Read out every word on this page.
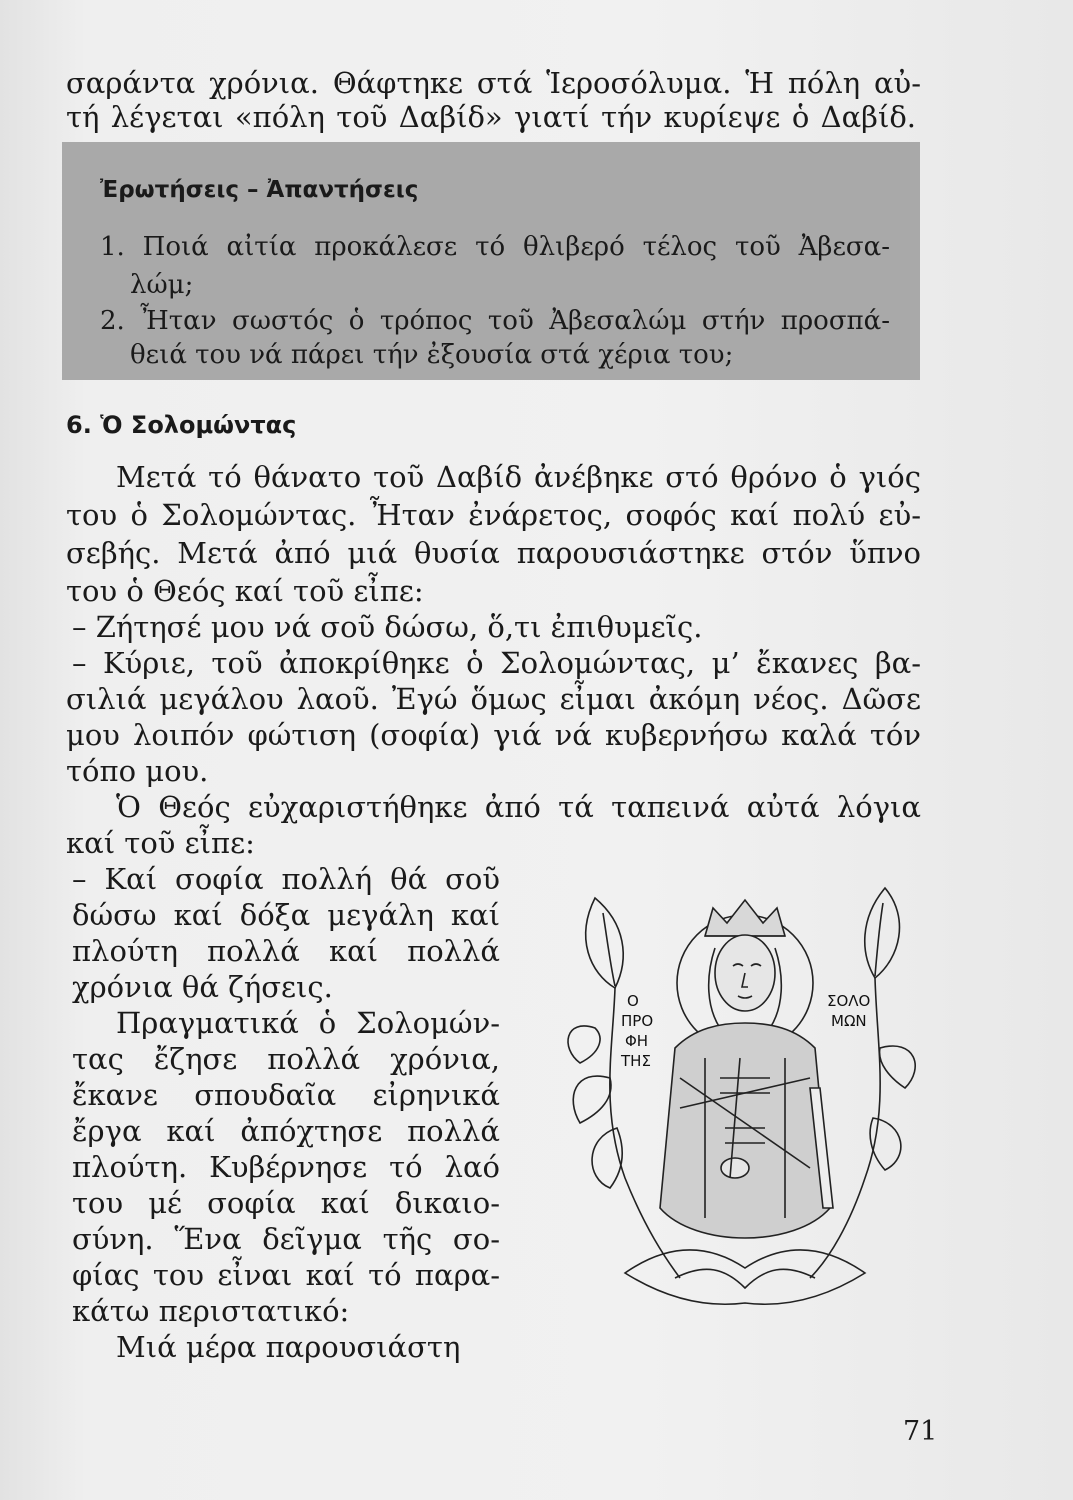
σαράντα χρόνια. Θάφτηκε στά Ἱεροσόλυμα. Ἡ πόλη αὐ-
τή λέγεται «πόλη τοῦ Δαβίδ» γιατί τήν κυρίεψε ὁ Δαβίδ.
Ἐρωτήσεις – Ἀπαντήσεις
1. Ποιά αἰτία προκάλεσε τό θλιβερό τέλος τοῦ Ἀβεσα-
λώμ;
2. Ἦταν σωστός ὁ τρόπος τοῦ Ἀβεσαλώμ στήν προσπά-
θειά του νά πάρει τήν ἐξουσία στά χέρια του;
6. Ὁ Σολομώντας
Μετά τό θάνατο τοῦ Δαβίδ ἀνέβηκε στό θρόνο ὁ γιός
του ὁ Σολομώντας. Ἦταν ἐνάρετος, σοφός καί πολύ εὐ-
σεβής. Μετά ἀπό μιά θυσία παρουσιάστηκε στόν ὕπνο
του ὁ Θεός καί τοῦ εἶπε:
– Ζήτησέ μου νά σοῦ δώσω, ὅ,τι ἐπιθυμεῖς.
– Κύριε, τοῦ ἀποκρίθηκε ὁ Σολομώντας, μ’ ἔκανες βα-
σιλιά μεγάλου λαοῦ. Ἐγώ ὅμως εἶμαι ἀκόμη νέος. Δῶσε
μου λοιπόν φώτιση (σοφία) γιά νά κυβερνήσω καλά τόν
τόπο μου.
Ὁ Θεός εὐχαριστήθηκε ἀπό τά ταπεινά αὐτά λόγια
καί τοῦ εἶπε:
– Καί σοφία πολλή θά σοῦ
δώσω καί δόξα μεγάλη καί
πλούτη πολλά καί πολλά
χρόνια θά ζήσεις.
Πραγματικά ὁ Σολομών-
τας ἔζησε πολλά χρόνια,
ἔκανε σπουδαῖα εἰρηνικά
ἔργα καί ἀπόχτησε πολλά
πλούτη. Κυβέρνησε τό λαό
του μέ σοφία καί δικαιο-
σύνη. Ἕνα δεῖγμα τῆς σο-
φίας του εἶναι καί τό παρα-
κάτω περιστατικό:
Μιά μέρα παρουσιάστη
Ο
ΠΡΟ
ΦΗ
ΤΗΣ
ΣΟΛΟ
ΜΩΝ
71
